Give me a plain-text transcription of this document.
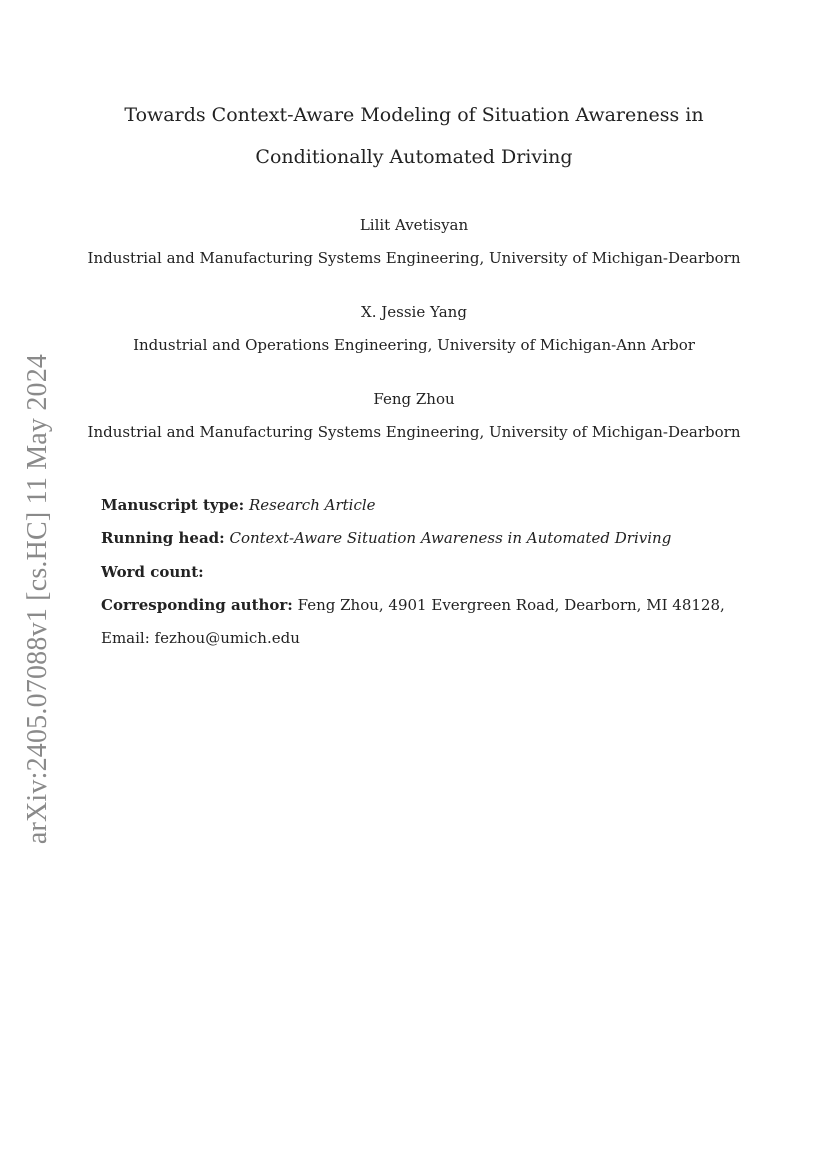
arXiv:2405.07088v1 [cs.HC] 11 May 2024
Towards Context-Aware Modeling of Situation Awareness in
Conditionally Automated Driving
Lilit Avetisyan
Industrial and Manufacturing Systems Engineering, University of Michigan-Dearborn
X. Jessie Yang
Industrial and Operations Engineering, University of Michigan-Ann Arbor
Feng Zhou
Industrial and Manufacturing Systems Engineering, University of Michigan-Dearborn
Manuscript type: Research Article
Running head: Context-Aware Situation Awareness in Automated Driving
Word count:
Corresponding author: Feng Zhou, 4901 Evergreen Road, Dearborn, MI 48128,
Email: fezhou@umich.edu
